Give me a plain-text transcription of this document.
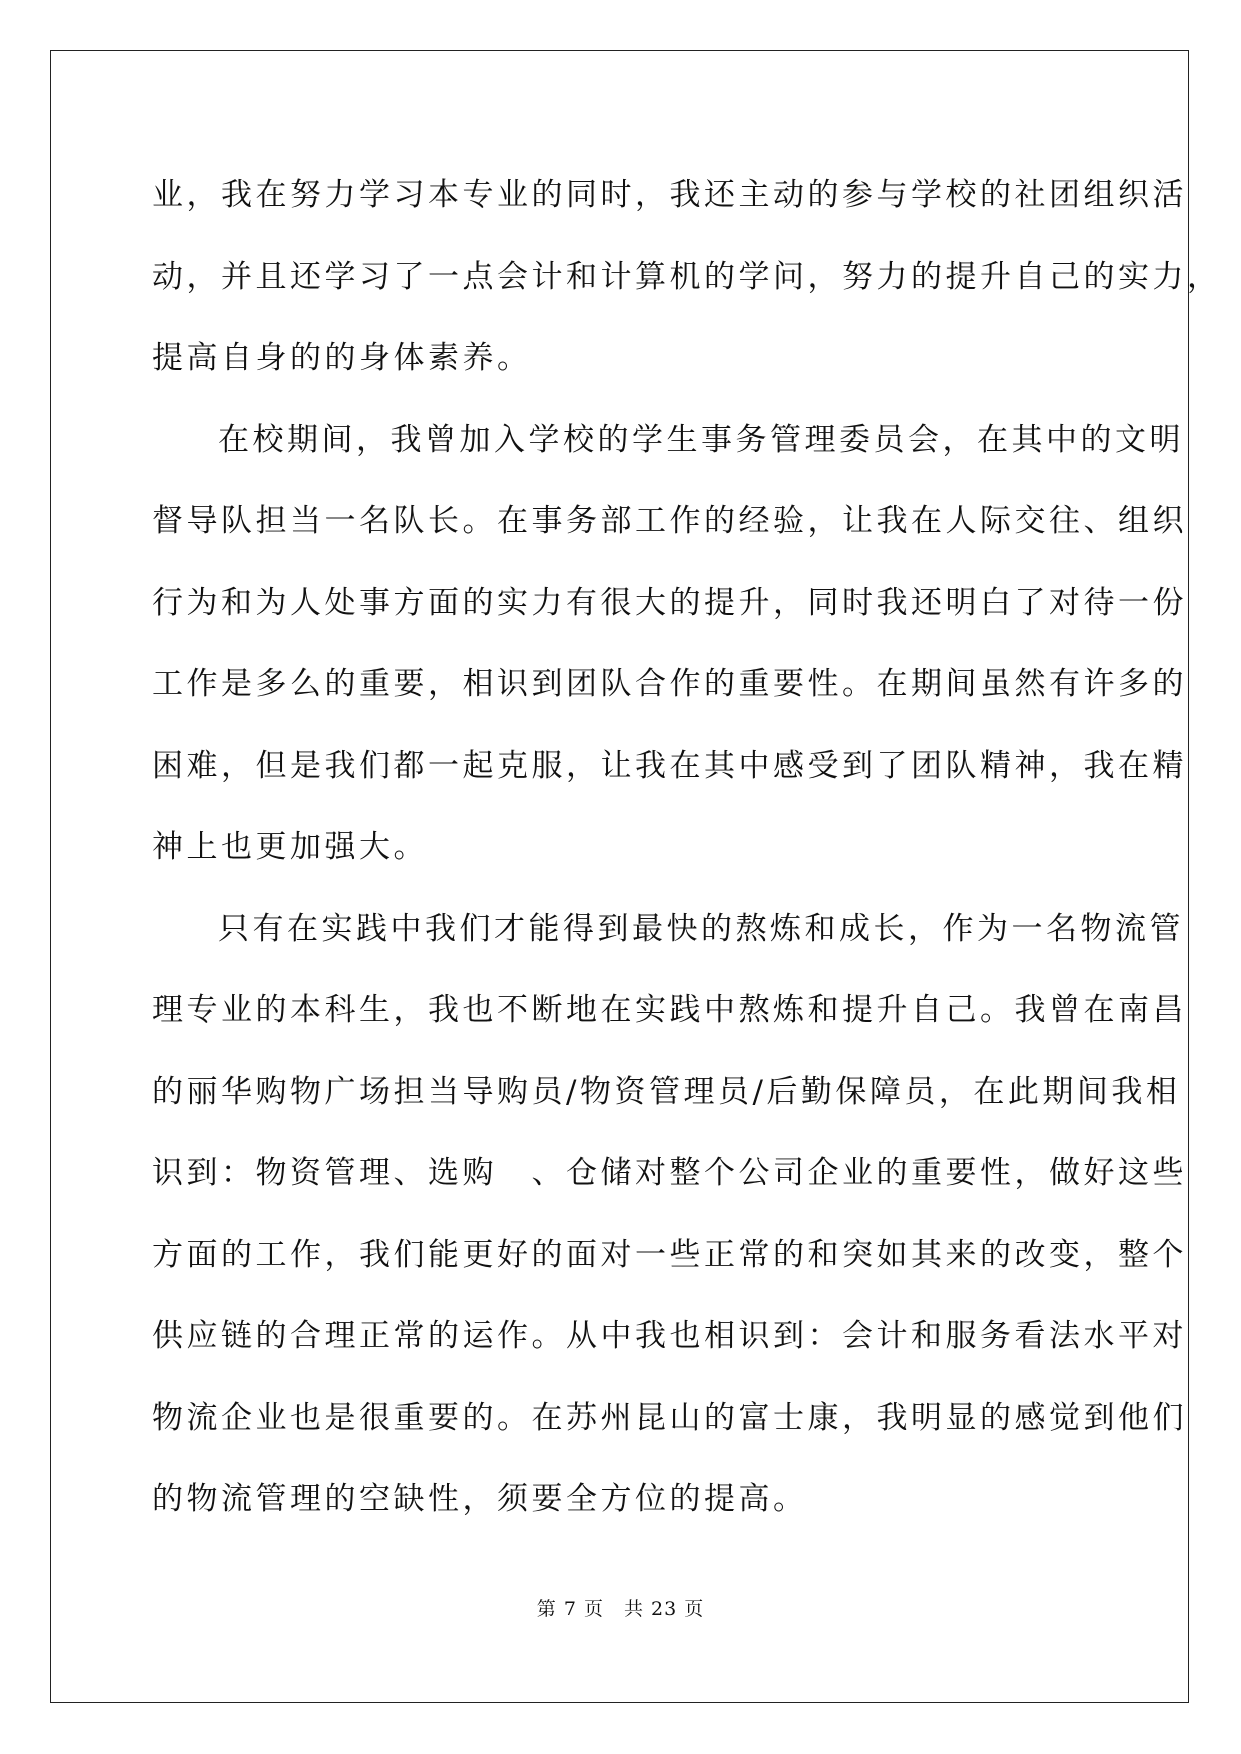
业，我在努力学习本专业的同时，我还主动的参与学校的社团组织活
动，并且还学习了一点会计和计算机的学问，努力的提升自己的实力，
提高自身的的身体素养。
在校期间，我曾加入学校的学生事务管理委员会，在其中的文明
督导队担当一名队长。在事务部工作的经验，让我在人际交往、组织
行为和为人处事方面的实力有很大的提升，同时我还明白了对待一份
工作是多么的重要，相识到团队合作的重要性。在期间虽然有许多的
困难，但是我们都一起克服，让我在其中感受到了团队精神，我在精
神上也更加强大。
只有在实践中我们才能得到最快的熬炼和成长，作为一名物流管
理专业的本科生，我也不断地在实践中熬炼和提升自己。我曾在南昌
的丽华购物广场担当导购员/物资管理员/后勤保障员，在此期间我相
识到：物资管理、选购　、仓储对整个公司企业的重要性，做好这些
方面的工作，我们能更好的面对一些正常的和突如其来的改变，整个
供应链的合理正常的运作。从中我也相识到：会计和服务看法水平对
物流企业也是很重要的。在苏州昆山的富士康，我明显的感觉到他们
的物流管理的空缺性，须要全方位的提高。
第 7 页　共 23 页
